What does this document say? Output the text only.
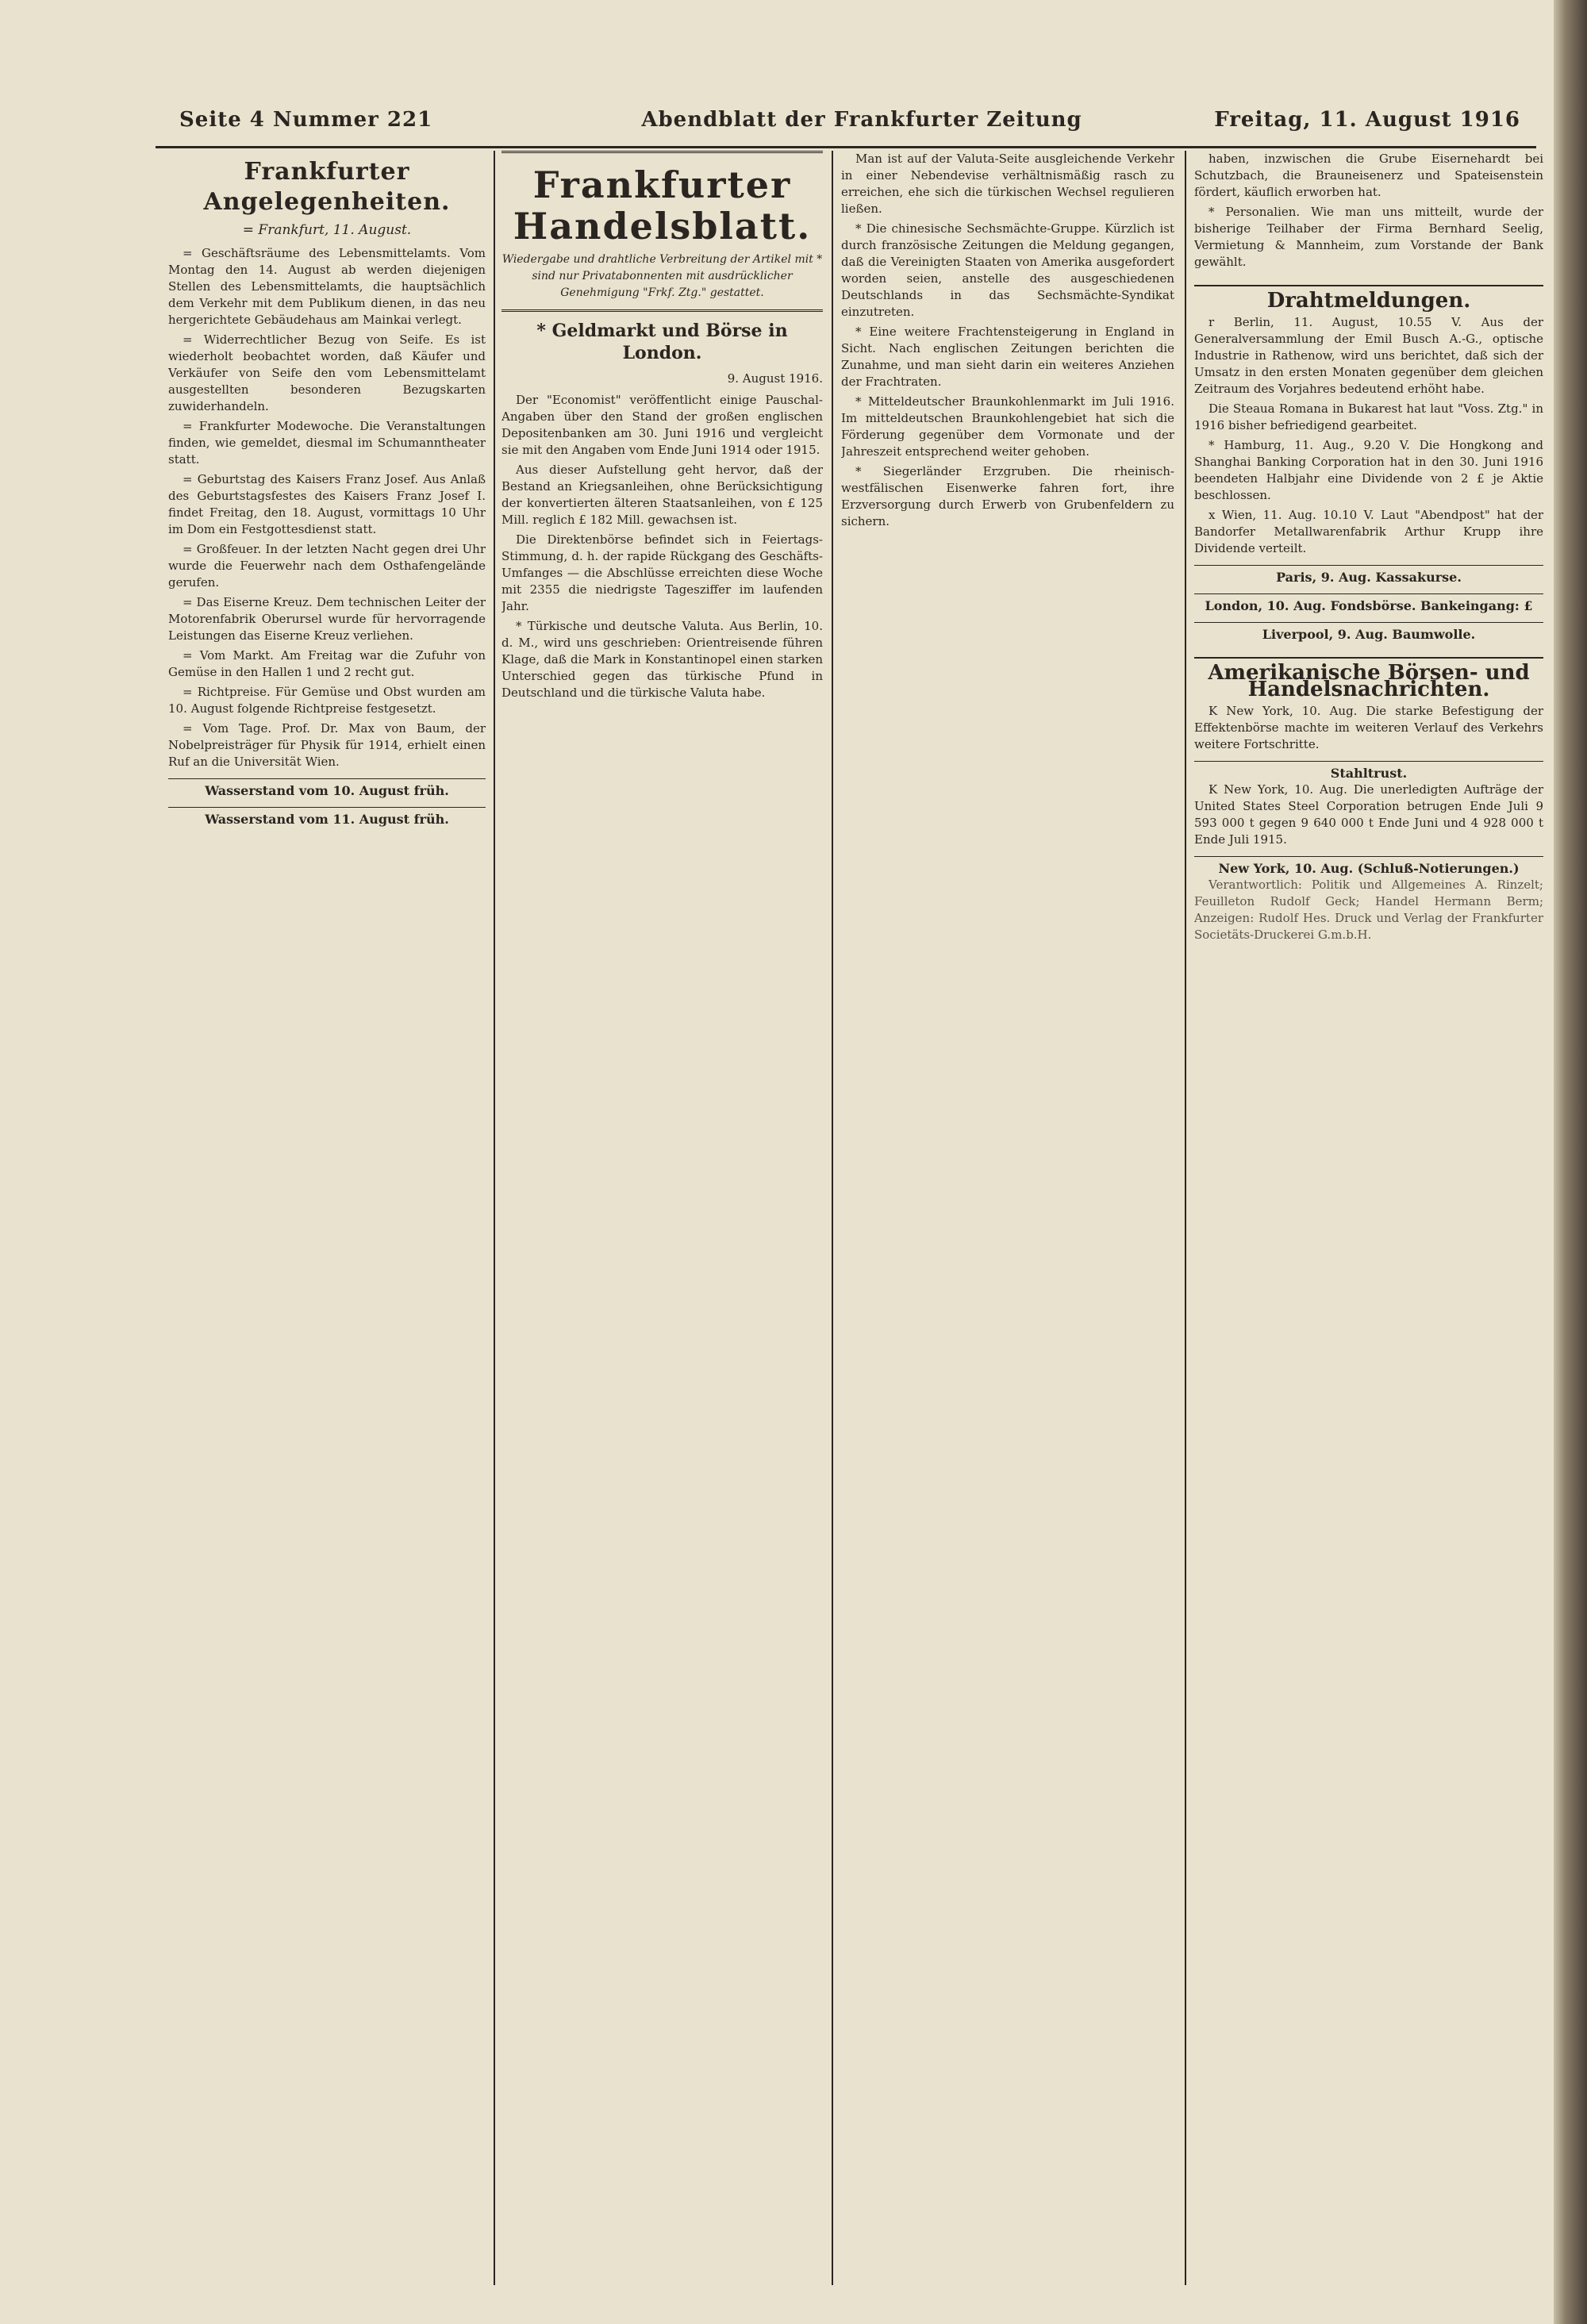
Seite 4 Nummer 221	Abendblatt der Frankfurter Zeitung	Freitag, 11. August 1916
Frankfurter Angelegenheiten.
= Frankfurt, 11. August.

= Geschäftsräume des Lebensmittelamts. Vom Montag den 14. August ab werden diejenigen Stellen des Lebensmittelamts, die hauptsächlich dem Verkehr mit dem Publikum dienen, in das neu hergerichtete Gebäudehaus am Mainkai verlegt.

= Widerrechtlicher Bezug von Seife. Es ist wiederholt beobachtet worden, daß Käufer und Verkäufer von Seife den vom Lebensmittelamt ausgestellten besonderen Bezugskarten zuwiderhandeln.

= Frankfurter Modewoche. Die Veranstaltungen finden, wie gemeldet, diesmal im Schumanntheater statt.

= Geburtstag des Kaisers Franz Josef. Aus Anlaß des Geburtstagsfestes des Kaisers Franz Josef I. findet Freitag, den 18. August, vormittags 10 Uhr im Dom ein Festgottesdienst statt.

= Großfeuer. In der letzten Nacht gegen drei Uhr wurde die Feuerwehr nach dem Osthafengelände gerufen.

= Das Eiserne Kreuz. Dem technischen Leiter der Motorenfabrik Oberursel wurde für hervorragende Leistungen das Eiserne Kreuz verliehen.

= Vom Markt. Am Freitag war die Zufuhr von Gemüse in den Hallen 1 und 2 recht gut.

= Richtpreise. Für Gemüse und Obst wurden am 10. August folgende Richtpreise festgesetzt.

= Vom Tage. Prof. Dr. Max von Baum, der Nobelpreisträger für Physik für 1914, erhielt einen Ruf an die Universität Wien.

Wasserstand vom 10. August früh.
Wasserstand vom 11. August früh.
Frankfurter Handelsblatt.
Wiedergabe und drahtliche Verbreitung der Artikel mit * sind nur Privatabonnenten mit ausdrücklicher Genehmigung "Frkf. Ztg." gestattet.
* Geldmarkt und Börse in London.
9. August 1916.

Der "Economist" veröffentlicht einige Pauschal-Angaben über den Stand der großen englischen Depositenbanken am 30. Juni 1916 und vergleicht sie mit den Angaben vom Ende Juni 1914 oder 1915.

Aus dieser Aufstellung geht hervor, daß der Bestand an Kriegsanleihen, ohne Berücksichtigung der konvertierten älteren Staatsanleihen, von £ 125 Mill. reglich £ 182 Mill. gewachsen ist.

Die Direktenbörse befindet sich in Feiertags-Stimmung, d. h. der rapide Rückgang des Geschäfts-Umfanges — die Abschlüsse erreichten diese Woche mit 2355 die niedrigste Tagesziffer im laufenden Jahr.

* Türkische und deutsche Valuta. Aus Berlin, 10. d. M., wird uns geschrieben: Orientreisende führen Klage, daß die Mark in Konstantinopel einen starken Unterschied gegen das türkische Pfund in Deutschland und die türkische Valuta habe.

Man ist auf der Valuta-Seite ausgleichende Verkehr in einer Nebendevise verhältnismäßig rasch zu erreichen, ehe sich die türkischen Wechsel regulieren ließen.

* Die chinesische Sechsmächte-Gruppe. Kürzlich ist durch französische Zeitungen die Meldung gegangen, daß die Vereinigten Staaten von Amerika ausgefordert worden seien, anstelle des ausgeschiedenen Deutschlands in das Sechsmächte-Syndikat einzutreten.

* Eine weitere Frachtensteigerung in England in Sicht. Nach englischen Zeitungen berichten die Zunahme, und man sieht darin ein weiteres Anziehen der Frachtraten.

* Mitteldeutscher Braunkohlenmarkt im Juli 1916. Im mitteldeutschen Braunkohlengebiet hat sich die Förderung gegenüber dem Vormonate und der Jahreszeit entsprechend weiter gehoben.

* Siegerländer Erzgruben. Die rheinisch-westfälischen Eisenwerke fahren fort, ihre Erzversorgung durch Erwerb von Grubenfeldern zu sichern.

haben, inzwischen die Grube Eisernehardt bei Schutzbach, die Brauneisenerz und Spateisenstein fördert, käuflich erworben hat.

* Personalien. Wie man uns mitteilt, wurde der bisherige Teilhaber der Firma Bernhard Seelig, Vermietung & Mannheim, zum Vorstande der Bank gewählt.

Drahtmeldungen.

r Berlin, 11. August, 10.55 V. Aus der Generalversammlung der Emil Busch A.-G., optische Industrie in Rathenow, wird uns berichtet, daß sich der Umsatz in den ersten Monaten gegenüber dem gleichen Zeitraum des Vorjahres bedeutend erhöht habe.

Die Steaua Romana in Bukarest hat laut "Voss. Ztg." in 1916 bisher befriedigend gearbeitet.

* Hamburg, 11. Aug., 9.20 V. Die Hongkong and Shanghai Banking Corporation hat in den 30. Juni 1916 beendeten Halbjahr eine Dividende von 2 £ je Aktie beschlossen.

x Wien, 11. Aug. 10.10 V. Laut "Abendpost" hat der Bandorfer Metallwarenfabrik Arthur Krupp ihre Dividende verteilt.

Paris, 9. Aug. Kassakurse.
London, 10. Aug. Fondsbörse. Bankeingang: £
Liverpool, 9. Aug. Baumwolle.
Amerikanische Börsen- und Handelsnachrichten.

K New York, 10. Aug. Die starke Befestigung der Effektenbörse machte im weiteren Verlauf des Verkehrs weitere Fortschritte.

Stahltrust.

K New York, 10. Aug. Die unerledigten Aufträge der United States Steel Corporation betrugen Ende Juli 9 593 000 t gegen 9 640 000 t Ende Juni und 4 928 000 t Ende Juli 1915.

New York, 10. Aug. (Schluß-Notierungen.)

Verantwortlich: Politik und Allgemeines A. Rinzelt; Feuilleton Rudolf Geck; Handel Hermann Berm; Anzeigen: Rudolf Hes. Druck und Verlag der Frankfurter Societäts-Druckerei G.m.b.H.
